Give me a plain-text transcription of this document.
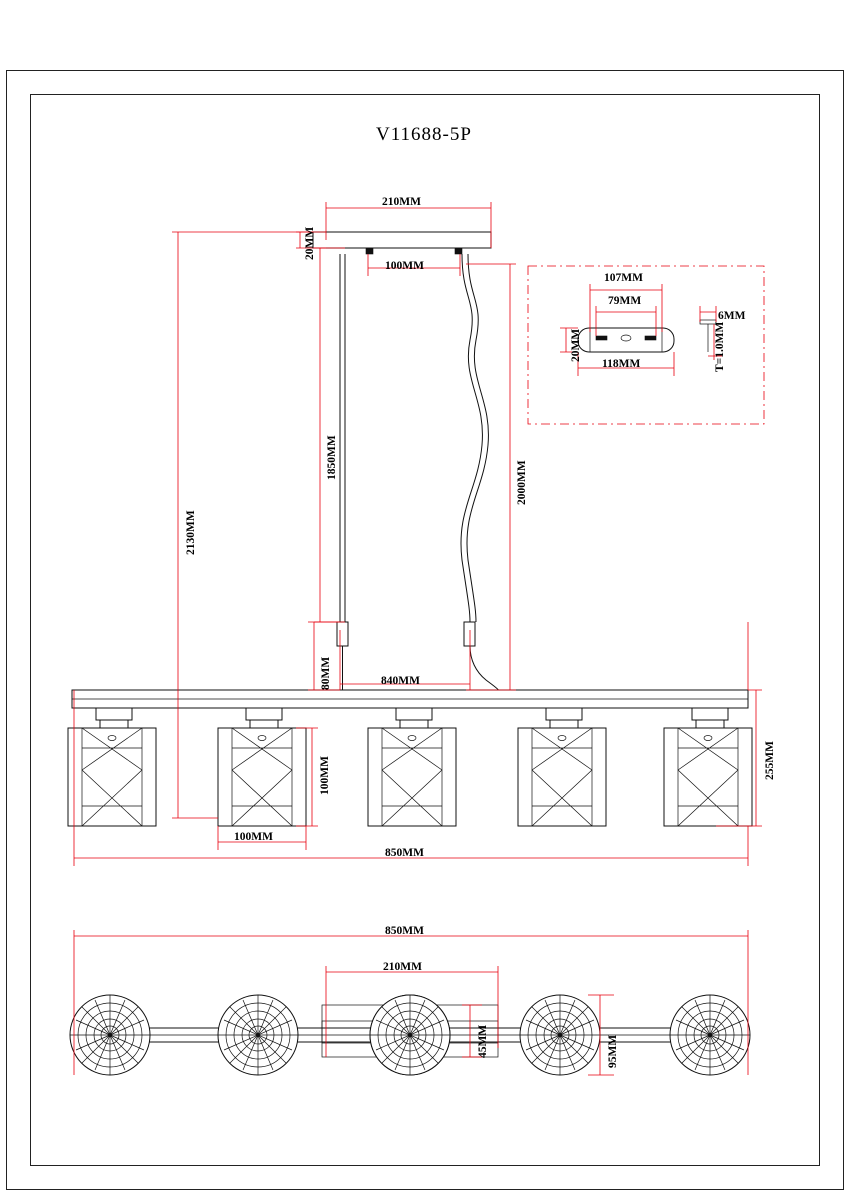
V11688-5P
210MM
20MM
100MM
1850MM
2130MM
2000MM
80MM	840MM
255MM
100MM
100MM
850MM
107MM
79MM
118MM
20MM
6MM
T=1.0MM
850MM
210MM
45MM	95MM
